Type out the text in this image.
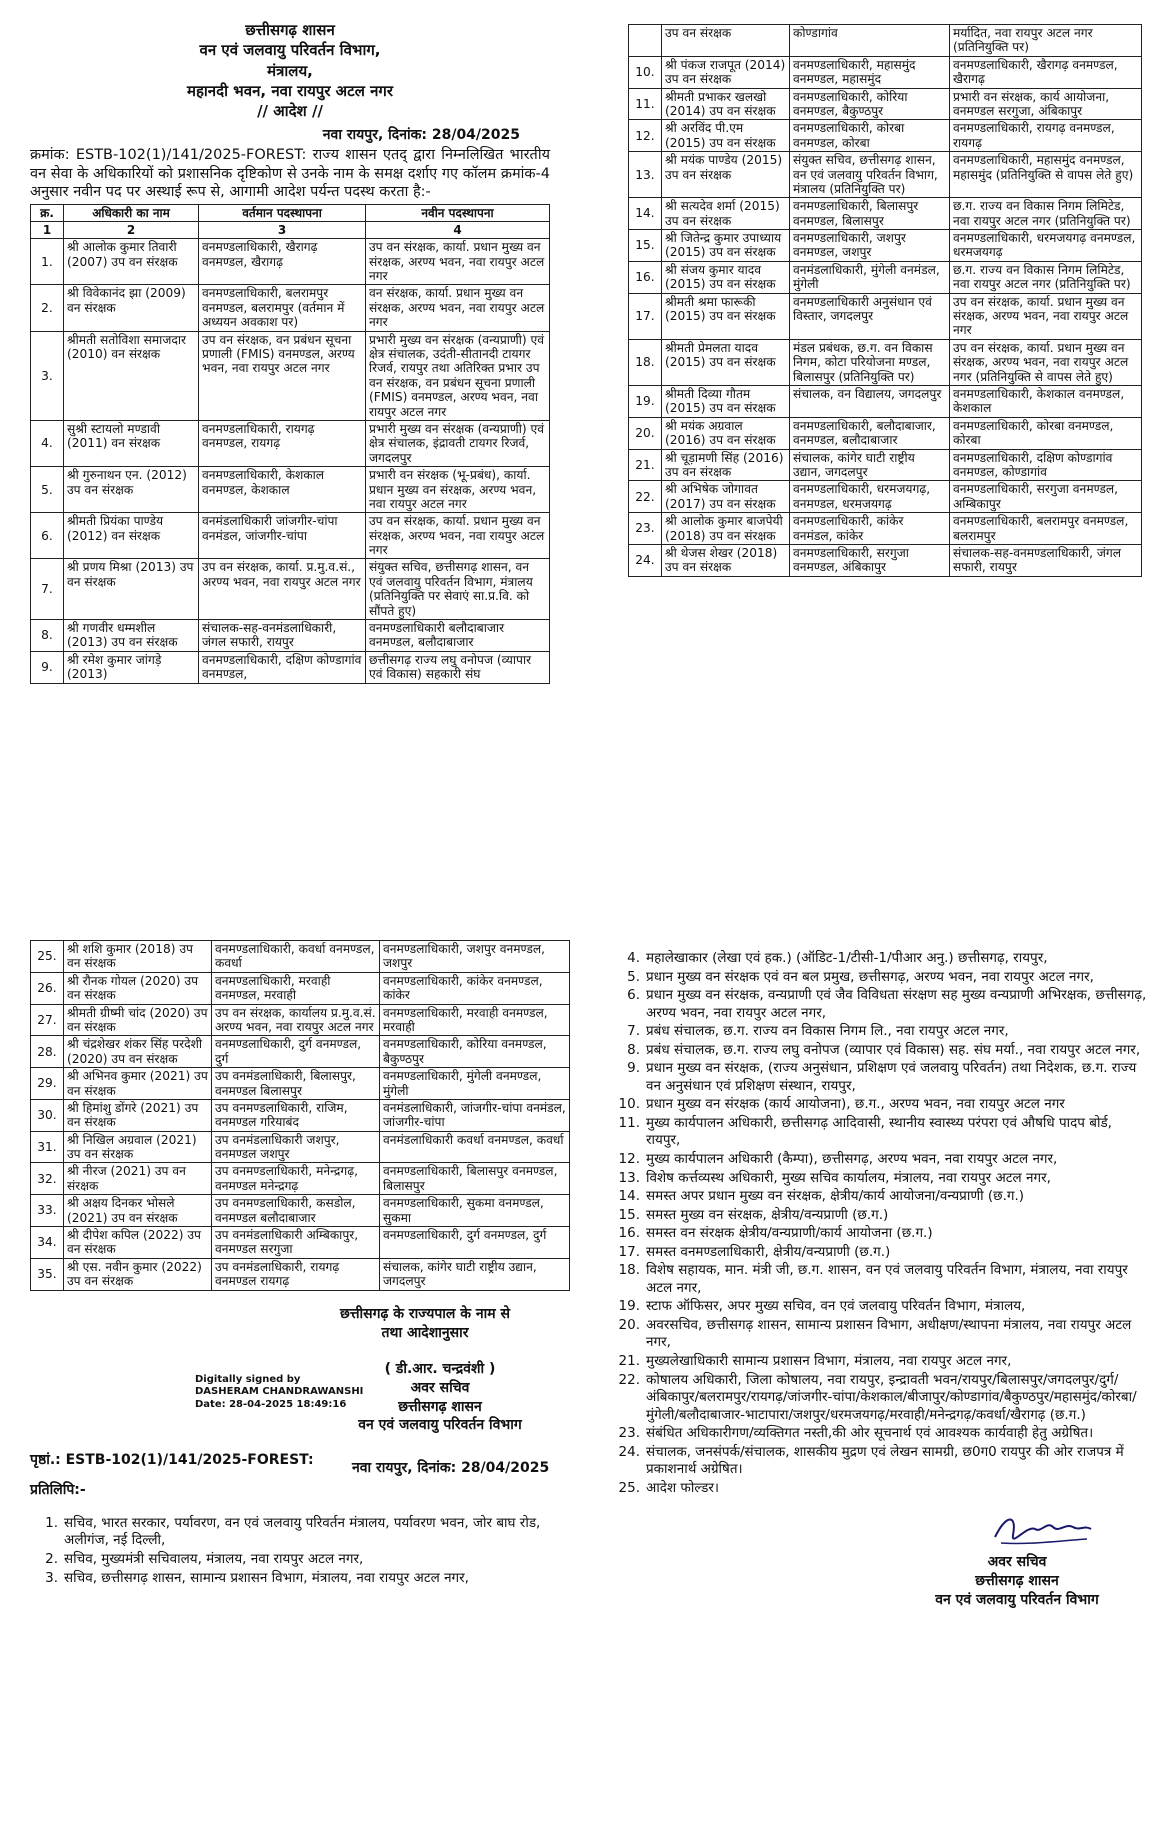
छत्तीसगढ़ शासन
वन एवं जलवायु परिवर्तन विभाग,
मंत्रालय,
महानदी भवन, नवा रायपुर अटल नगर
// आदेश //
नवा रायपुर, दिनांक: 28/04/2025
क्रमांक: ESTB-102(1)/141/2025-FOREST: राज्य शासन एतद् द्वारा निम्नलिखित भारतीय वन सेवा के अधिकारियों को प्रशासनिक दृष्टिकोण से उनके नाम के समक्ष दर्शाए गए कॉलम क्रमांक-4 अनुसार नवीन पद पर अस्थाई रूप से, आगामी आदेश पर्यन्त पदस्थ करता है:-
क्र.	अधिकारी का नाम	वर्तमान पदस्थापना	नवीन पदस्थापना
1	2	3	4
1.	श्री आलोक कुमार तिवारी (2007) उप वन संरक्षक	वनमण्डलाधिकारी, खैरागढ़ वनमण्डल, खैरागढ़	उप वन संरक्षक, कार्या. प्रधान मुख्य वन संरक्षक, अरण्य भवन, नवा रायपुर अटल नगर
2.	श्री विवेकानंद झा (2009) वन संरक्षक	वनमण्डलाधिकारी, बलरामपुर वनमण्डल, बलरामपुर (वर्तमान में अध्ययन अवकाश पर)	वन संरक्षक, कार्या. प्रधान मुख्य वन संरक्षक, अरण्य भवन, नवा रायपुर अटल नगर
3.	श्रीमती सतोविशा समाजदार (2010) वन संरक्षक	उप वन संरक्षक, वन प्रबंधन सूचना प्रणाली (FMIS) वनमण्डल, अरण्य भवन, नवा रायपुर अटल नगर	प्रभारी मुख्य वन संरक्षक (वन्यप्राणी) एवं क्षेत्र संचालक, उदंती-सीतानदी टायगर रिजर्व, रायपुर तथा अतिरिक्त प्रभार उप वन संरक्षक, वन प्रबंधन सूचना प्रणाली (FMIS) वनमण्डल, अरण्य भवन, नवा रायपुर अटल नगर
4.	सुश्री स्टायलो मण्डावी (2011) वन संरक्षक	वनमण्डलाधिकारी, रायगढ़ वनमण्डल, रायगढ़	प्रभारी मुख्य वन संरक्षक (वन्यप्राणी) एवं क्षेत्र संचालक, इंद्रावती टायगर रिजर्व, जगदलपुर
5.	श्री गुरुनाथन एन. (2012) उप वन संरक्षक	वनमण्डलाधिकारी, केशकाल वनमण्डल, केशकाल	प्रभारी वन संरक्षक (भू-प्रबंध), कार्या. प्रधान मुख्य वन संरक्षक, अरण्य भवन, नवा रायपुर अटल नगर
6.	श्रीमती प्रियंका पाण्डेय (2012) वन संरक्षक	वनमंडलाधिकारी जांजगीर-चांपा वनमंडल, जांजगीर-चांपा	उप वन संरक्षक, कार्या. प्रधान मुख्य वन संरक्षक, अरण्य भवन, नवा रायपुर अटल नगर
7.	श्री प्रणय मिश्रा (2013) उप वन संरक्षक	उप वन संरक्षक, कार्या. प्र.मु.व.सं., अरण्य भवन, नवा रायपुर अटल नगर	संयुक्त सचिव, छत्तीसगढ़ शासन, वन एवं जलवायु परिवर्तन विभाग, मंत्रालय (प्रतिनियुक्ति पर सेवाएं सा.प्र.वि. को सौंपते हुए)
8.	श्री गणवीर धम्मशील (2013) उप वन संरक्षक	संचालक-सह-वनमंडलाधिकारी, जंगल सफारी, रायपुर	वनमण्डलाधिकारी बलौदाबाजार वनमण्डल, बलौदाबाजार
9.	श्री रमेश कुमार जांगड़े (2013)	वनमण्डलाधिकारी, दक्षिण कोण्डागांव वनमण्डल,	छत्तीसगढ़ राज्य लघु वनोपज (व्यापार एवं विकास) सहकारी संघ
	उप वन संरक्षक	कोण्डागांव	मर्यादित, नवा रायपुर अटल नगर (प्रतिनियुक्ति पर)
10.	श्री पंकज राजपूत (2014) उप वन संरक्षक	वनमण्डलाधिकारी, महासमुंद वनमण्डल, महासमुंद	वनमण्डलाधिकारी, खैरागढ़ वनमण्डल, खैरागढ़
11.	श्रीमती प्रभाकर खलखो (2014) उप वन संरक्षक	वनमण्डलाधिकारी, कोरिया वनमण्डल, बैकुण्ठपुर	प्रभारी वन संरक्षक, कार्य आयोजना, वनमण्डल सरगुजा, अंबिकापुर
12.	श्री अरविंद पी.एम (2015) उप वन संरक्षक	वनमण्डलाधिकारी, कोरबा वनमण्डल, कोरबा	वनमण्डलाधिकारी, रायगढ़ वनमण्डल, रायगढ़
13.	श्री मयंक पाण्डेय (2015) उप वन संरक्षक	संयुक्त सचिव, छत्तीसगढ़ शासन, वन एवं जलवायु परिवर्तन विभाग, मंत्रालय (प्रतिनियुक्ति पर)	वनमण्डलाधिकारी, महासमुंद वनमण्डल, महासमुंद (प्रतिनियुक्ति से वापस लेते हुए)
14.	श्री सत्यदेव शर्मा (2015) उप वन संरक्षक	वनमण्डलाधिकारी, बिलासपुर वनमण्डल, बिलासपुर	छ.ग. राज्य वन विकास निगम लिमिटेड, नवा रायपुर अटल नगर (प्रतिनियुक्ति पर)
15.	श्री जितेन्द्र कुमार उपाध्याय (2015) उप वन संरक्षक	वनमण्डलाधिकारी, जशपुर वनमण्डल, जशपुर	वनमण्डलाधिकारी, धरमजयगढ़ वनमण्डल, धरमजयगढ़
16.	श्री संजय कुमार यादव (2015) उप वन संरक्षक	वनमंडलाधिकारी, मुंगेली वनमंडल, मुंगेली	छ.ग. राज्य वन विकास निगम लिमिटेड, नवा रायपुर अटल नगर (प्रतिनियुक्ति पर)
17.	श्रीमती श्रमा फारूकी (2015) उप वन संरक्षक	वनमण्डलाधिकारी अनुसंधान एवं विस्तार, जगदलपुर	उप वन संरक्षक, कार्या. प्रधान मुख्य वन संरक्षक, अरण्य भवन, नवा रायपुर अटल नगर
18.	श्रीमती प्रेमलता यादव (2015) उप वन संरक्षक	मंडल प्रबंधक, छ.ग. वन विकास निगम, कोटा परियोजना मण्डल, बिलासपुर (प्रतिनियुक्ति पर)	उप वन संरक्षक, कार्या. प्रधान मुख्य वन संरक्षक, अरण्य भवन, नवा रायपुर अटल नगर (प्रतिनियुक्ति से वापस लेते हुए)
19.	श्रीमती दिव्या गौतम (2015) उप वन संरक्षक	संचालक, वन विद्यालय, जगदलपुर	वनमण्डलाधिकारी, केशकाल वनमण्डल, केशकाल
20.	श्री मयंक अग्रवाल (2016) उप वन संरक्षक	वनमण्डलाधिकारी, बलौदाबाजार, वनमण्डल, बलौदाबाजार	वनमण्डलाधिकारी, कोरबा वनमण्डल, कोरबा
21.	श्री चूड़ामणी सिंह (2016) उप वन संरक्षक	संचालक, कांगेर घाटी राष्ट्रीय उद्यान, जगदलपुर	वनमण्डलाधिकारी, दक्षिण कोण्डागांव वनमण्डल, कोण्डागांव
22.	श्री अभिषेक जोगावत (2017) उप वन संरक्षक	वनमण्डलाधिकारी, धरमजयगढ़, वनमण्डल, धरमजयगढ़	वनमण्डलाधिकारी, सरगुजा वनमण्डल, अम्बिकापुर
23.	श्री आलोक कुमार बाजपेयी (2018) उप वन संरक्षक	वनमण्डलाधिकारी, कांकेर वनमंडल, कांकेर	वनमण्डलाधिकारी, बलरामपुर वनमण्डल, बलरामपुर
24.	श्री थेजस शेखर (2018) उप वन संरक्षक	वनमण्डलाधिकारी, सरगुजा वनमण्डल, अंबिकापुर	संचालक-सह-वनमण्डलाधिकारी, जंगल सफारी, रायपुर
25.	श्री शशि कुमार (2018) उप वन संरक्षक	वनमण्डलाधिकारी, कवर्धा वनमण्डल, कवर्धा	वनमण्डलाधिकारी, जशपुर वनमण्डल, जशपुर
26.	श्री रौनक गोयल (2020) उप वन संरक्षक	वनमण्डलाधिकारी, मरवाही वनमण्डल, मरवाही	वनमण्डलाधिकारी, कांकेर वनमण्डल, कांकेर
27.	श्रीमती ग्रीष्मी चांद (2020) उप वन संरक्षक	उप वन संरक्षक, कार्यालय प्र.मु.व.सं. अरण्य भवन, नवा रायपुर अटल नगर	वनमण्डलाधिकारी, मरवाही वनमण्डल, मरवाही
28.	श्री चंद्रशेखर शंकर सिंह परदेशी (2020) उप वन संरक्षक	वनमण्डलाधिकारी, दुर्ग वनमण्डल, दुर्ग	वनमण्डलाधिकारी, कोरिया वनमण्डल, बैकुण्ठपुर
29.	श्री अभिनव कुमार (2021) उप वन संरक्षक	उप वनमंडलाधिकारी, बिलासपुर, वनमण्डल बिलासपुर	वनमण्डलाधिकारी, मुंगेली वनमण्डल, मुंगेली
30.	श्री हिमांशु डोंगरे (2021) उप वन संरक्षक	उप वनमण्डलाधिकारी, राजिम, वनमण्डल गरियाबंद	वनमंडलाधिकारी, जांजगीर-चांपा वनमंडल, जांजगीर-चांपा
31.	श्री निखिल अग्रवाल (2021) उप वन संरक्षक	उप वनमंडलाधिकारी जशपुर, वनमण्डल जशपुर	वनमंडलाधिकारी कवर्धा वनमण्डल, कवर्धा
32.	श्री नीरज (2021) उप वन संरक्षक	उप वनमण्डलाधिकारी, मनेन्द्रगढ़, वनमण्डल मनेन्द्रगढ़	वनमण्डलाधिकारी, बिलासपुर वनमण्डल, बिलासपुर
33.	श्री अक्षय दिनकर भोसले (2021) उप वन संरक्षक	उप वनमण्डलाधिकारी, कसडोल, वनमण्डल बलौदाबाजार	वनमण्डलाधिकारी, सुकमा वनमण्डल, सुकमा
34.	श्री दीपेश कपिल (2022) उप वन संरक्षक	उप वनमंडलाधिकारी अम्बिकापुर, वनमण्डल सरगुजा	वनमण्डलाधिकारी, दुर्ग वनमण्डल, दुर्ग
35.	श्री एस. नवीन कुमार (2022) उप वन संरक्षक	उप वनमंडलाधिकारी, रायगढ़ वनमण्डल रायगढ़	संचालक, कांगेर घाटी राष्ट्रीय उद्यान, जगदलपुर
छत्तीसगढ़ के राज्यपाल के नाम से
तथा आदेशानुसार
Digitally signed by
DASHERAM CHANDRAWANSHI
Date: 28-04-2025 18:49:16
( डी.आर. चन्द्रवंशी )
अवर सचिव
छत्तीसगढ़ शासन
वन एवं जलवायु परिवर्तन विभाग
पृष्ठां.: ESTB-102(1)/141/2025-FOREST:	नवा रायपुर, दिनांक: 28/04/2025
प्रतिलिपि:-
1. सचिव, भारत सरकार, पर्यावरण, वन एवं जलवायु परिवर्तन मंत्रालय, पर्यावरण भवन, जोर बाघ रोड, अलीगंज, नई दिल्ली,
2. सचिव, मुख्यमंत्री सचिवालय, मंत्रालय, नवा रायपुर अटल नगर,
3. सचिव, छत्तीसगढ़ शासन, सामान्य प्रशासन विभाग, मंत्रालय, नवा रायपुर अटल नगर,
4. महालेखाकार (लेखा एवं हक.) (ऑडिट-1/टीसी-1/पीआर अनु.) छत्तीसगढ़, रायपुर,
5. प्रधान मुख्य वन संरक्षक एवं वन बल प्रमुख, छत्तीसगढ़, अरण्य भवन, नवा रायपुर अटल नगर,
6. प्रधान मुख्य वन संरक्षक, वन्यप्राणी एवं जैव विविधता संरक्षण सह मुख्य वन्यप्राणी अभिरक्षक, छत्तीसगढ़, अरण्य भवन, नवा रायपुर अटल नगर,
7. प्रबंध संचालक, छ.ग. राज्य वन विकास निगम लि., नवा रायपुर अटल नगर,
8. प्रबंध संचालक, छ.ग. राज्य लघु वनोपज (व्यापार एवं विकास) सह. संघ मर्या., नवा रायपुर अटल नगर,
9. प्रधान मुख्य वन संरक्षक, (राज्य अनुसंधान, प्रशिक्षण एवं जलवायु परिवर्तन) तथा निदेशक, छ.ग. राज्य वन अनुसंधान एवं प्रशिक्षण संस्थान, रायपुर,
10. प्रधान मुख्य वन संरक्षक (कार्य आयोजना), छ.ग., अरण्य भवन, नवा रायपुर अटल नगर
11. मुख्य कार्यपालन अधिकारी, छत्तीसगढ़ आदिवासी, स्थानीय स्वास्थ्य परंपरा एवं औषधि पादप बोर्ड, रायपुर,
12. मुख्य कार्यपालन अधिकारी (कैम्पा), छत्तीसगढ़, अरण्य भवन, नवा रायपुर अटल नगर,
13. विशेष कर्त्तव्यस्थ अधिकारी, मुख्य सचिव कार्यालय, मंत्रालय, नवा रायपुर अटल नगर,
14. समस्त अपर प्रधान मुख्य वन संरक्षक, क्षेत्रीय/कार्य आयोजना/वन्यप्राणी (छ.ग.)
15. समस्त मुख्य वन संरक्षक, क्षेत्रीय/वन्यप्राणी (छ.ग.)
16. समस्त वन संरक्षक क्षेत्रीय/वन्यप्राणी/कार्य आयोजना (छ.ग.)
17. समस्त वनमण्डलाधिकारी, क्षेत्रीय/वन्यप्राणी (छ.ग.)
18. विशेष सहायक, मान. मंत्री जी, छ.ग. शासन, वन एवं जलवायु परिवर्तन विभाग, मंत्रालय, नवा रायपुर अटल नगर,
19. स्टाफ ऑफिसर, अपर मुख्य सचिव, वन एवं जलवायु परिवर्तन विभाग, मंत्रालय,
20. अवरसचिव, छत्तीसगढ़ शासन, सामान्य प्रशासन विभाग, अधीक्षण/स्थापना मंत्रालय, नवा रायपुर अटल नगर,
21. मुख्यलेखाधिकारी सामान्य प्रशासन विभाग, मंत्रालय, नवा रायपुर अटल नगर,
22. कोषालय अधिकारी, जिला कोषालय, नवा रायपुर, इन्द्रावती भवन/रायपुर/बिलासपुर/जगदलपुर/दुर्ग/अंबिकापुर/बलरामपुर/रायगढ़/जांजगीर-चांपा/केशकाल/बीजापुर/कोण्डागांव/बैकुण्ठपुर/महासमुंद/कोरबा/मुंगेली/बलौदाबाजार-भाटापारा/जशपुर/धरमजयगढ़/मरवाही/मनेन्द्रगढ़/कवर्धा/खैरागढ़ (छ.ग.)
23. संबंधित अधिकारीगण/व्यक्तिगत नस्ती,की ओर सूचनार्थ एवं आवश्यक कार्यवाही हेतु अग्रेषित।
24. संचालक, जनसंपर्क/संचालक, शासकीय मुद्रण एवं लेखन सामग्री, छ0ग0 रायपुर की ओर राजपत्र में प्रकाशनार्थ अग्रेषित।
25. आदेश फोल्डर।
अवर सचिव
छत्तीसगढ़ शासन
वन एवं जलवायु परिवर्तन विभाग
